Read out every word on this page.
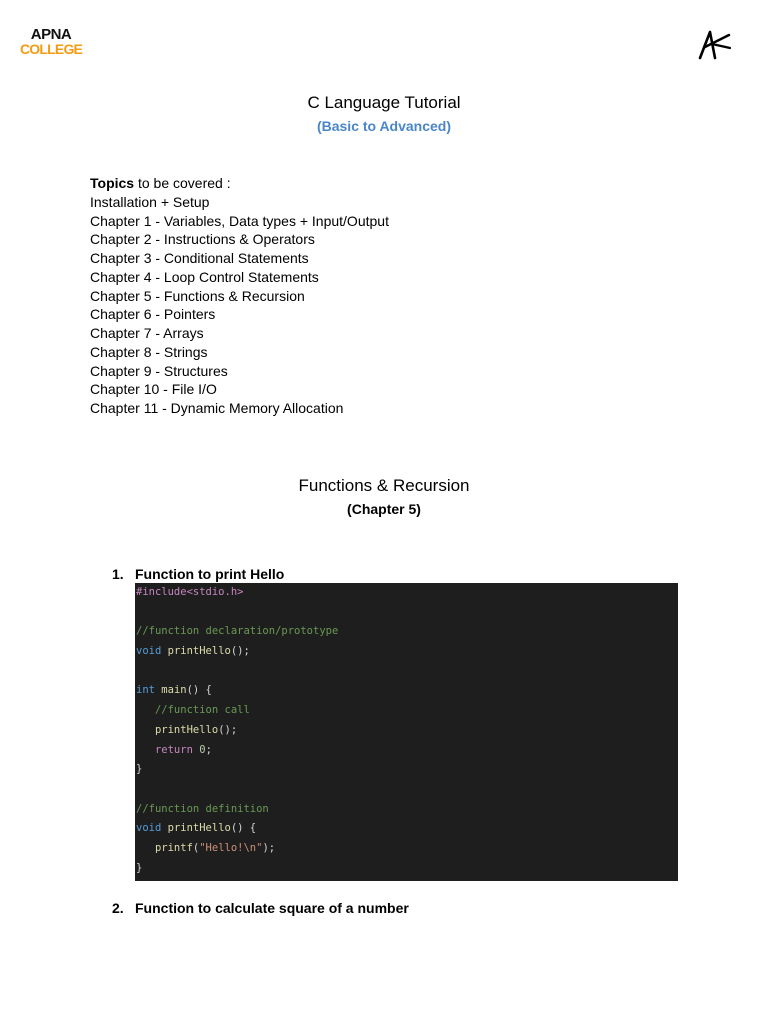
APNA
COLLEGE
C Language Tutorial
(Basic to Advanced)
Topics to be covered :
Installation + Setup
Chapter 1 - Variables, Data types + Input/Output
Chapter 2 - Instructions & Operators
Chapter 3 - Conditional Statements
Chapter 4 - Loop Control Statements
Chapter 5 - Functions & Recursion
Chapter 6 - Pointers
Chapter 7 - Arrays
Chapter 8 - Strings
Chapter 9 - Structures
Chapter 10 - File I/O
Chapter 11 - Dynamic Memory Allocation
Functions & Recursion
(Chapter 5)
1. Function to print Hello
#include<stdio.h>

//function declaration/prototype
void printHello();

int main() {
//function call
printHello();
return 0;
}

//function definition
void printHello() {
printf("Hello!\n");
}
2. Function to calculate square of a number
